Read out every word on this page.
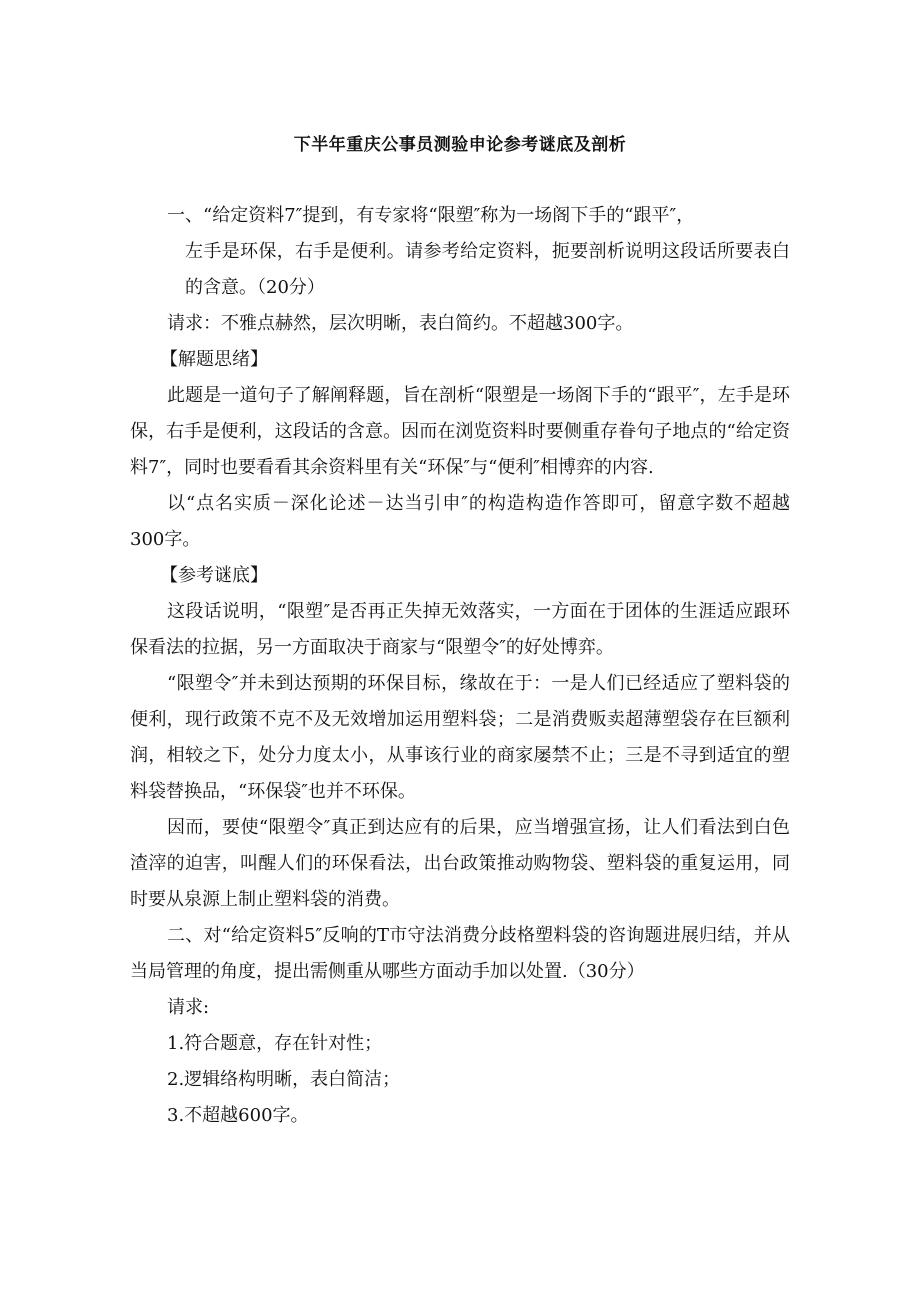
下半年重庆公事员测验申论参考谜底及剖析

一、“给定资料7″提到，有专家将“限塑″称为一场阁下手的“跟平″，

左手是环保，右手是便利。请参考给定资料，扼要剖析说明这段话所要表白的含意。（20分）

请求：不雅点赫然，层次明晰，表白简约。不超越300字。

【解题思绪】

此题是一道句子了解阐释题，旨在剖析“限塑是一场阁下手的“跟平″，左手是环保，右手是便利，这段话的含意。因而在浏览资料时要侧重存眷句子地点的“给定资料7″，同时也要看看其余资料里有关“环保″与“便利″相博弈的内容.

以“点名实质－深化论述－达当引申″的构造构造作答即可，留意字数不超越300字。

【参考谜底】

这段话说明，“限塑″是否再正失掉无效落实，一方面在于团体的生涯适应跟环保看法的拉据，另一方面取决于商家与“限塑令″的好处博弈。

“限塑令″并未到达预期的环保目标，缘故在于：一是人们已经适应了塑料袋的便利，现行政策不克不及无效增加运用塑料袋；二是消费贩卖超薄塑袋存在巨额利润，相较之下，处分力度太小，从事该行业的商家屡禁不止；三是不寻到适宜的塑料袋替换品，“环保袋″也并不环保。

因而，要使“限塑令″真正到达应有的后果，应当增强宣扬，让人们看法到白色渣滓的迫害，叫醒人们的环保看法，出台政策推动购物袋、塑料袋的重复运用，同时要从泉源上制止塑料袋的消费。

二、对“给定资料5″反响的T市守法消费分歧格塑料袋的咨询题进展归结，并从当局管理的角度，提出需侧重从哪些方面动手加以处置.（30分）

请求:

1.符合题意，存在针对性；

2.逻辑络构明晰，表白简洁；

3.不超越600字。
